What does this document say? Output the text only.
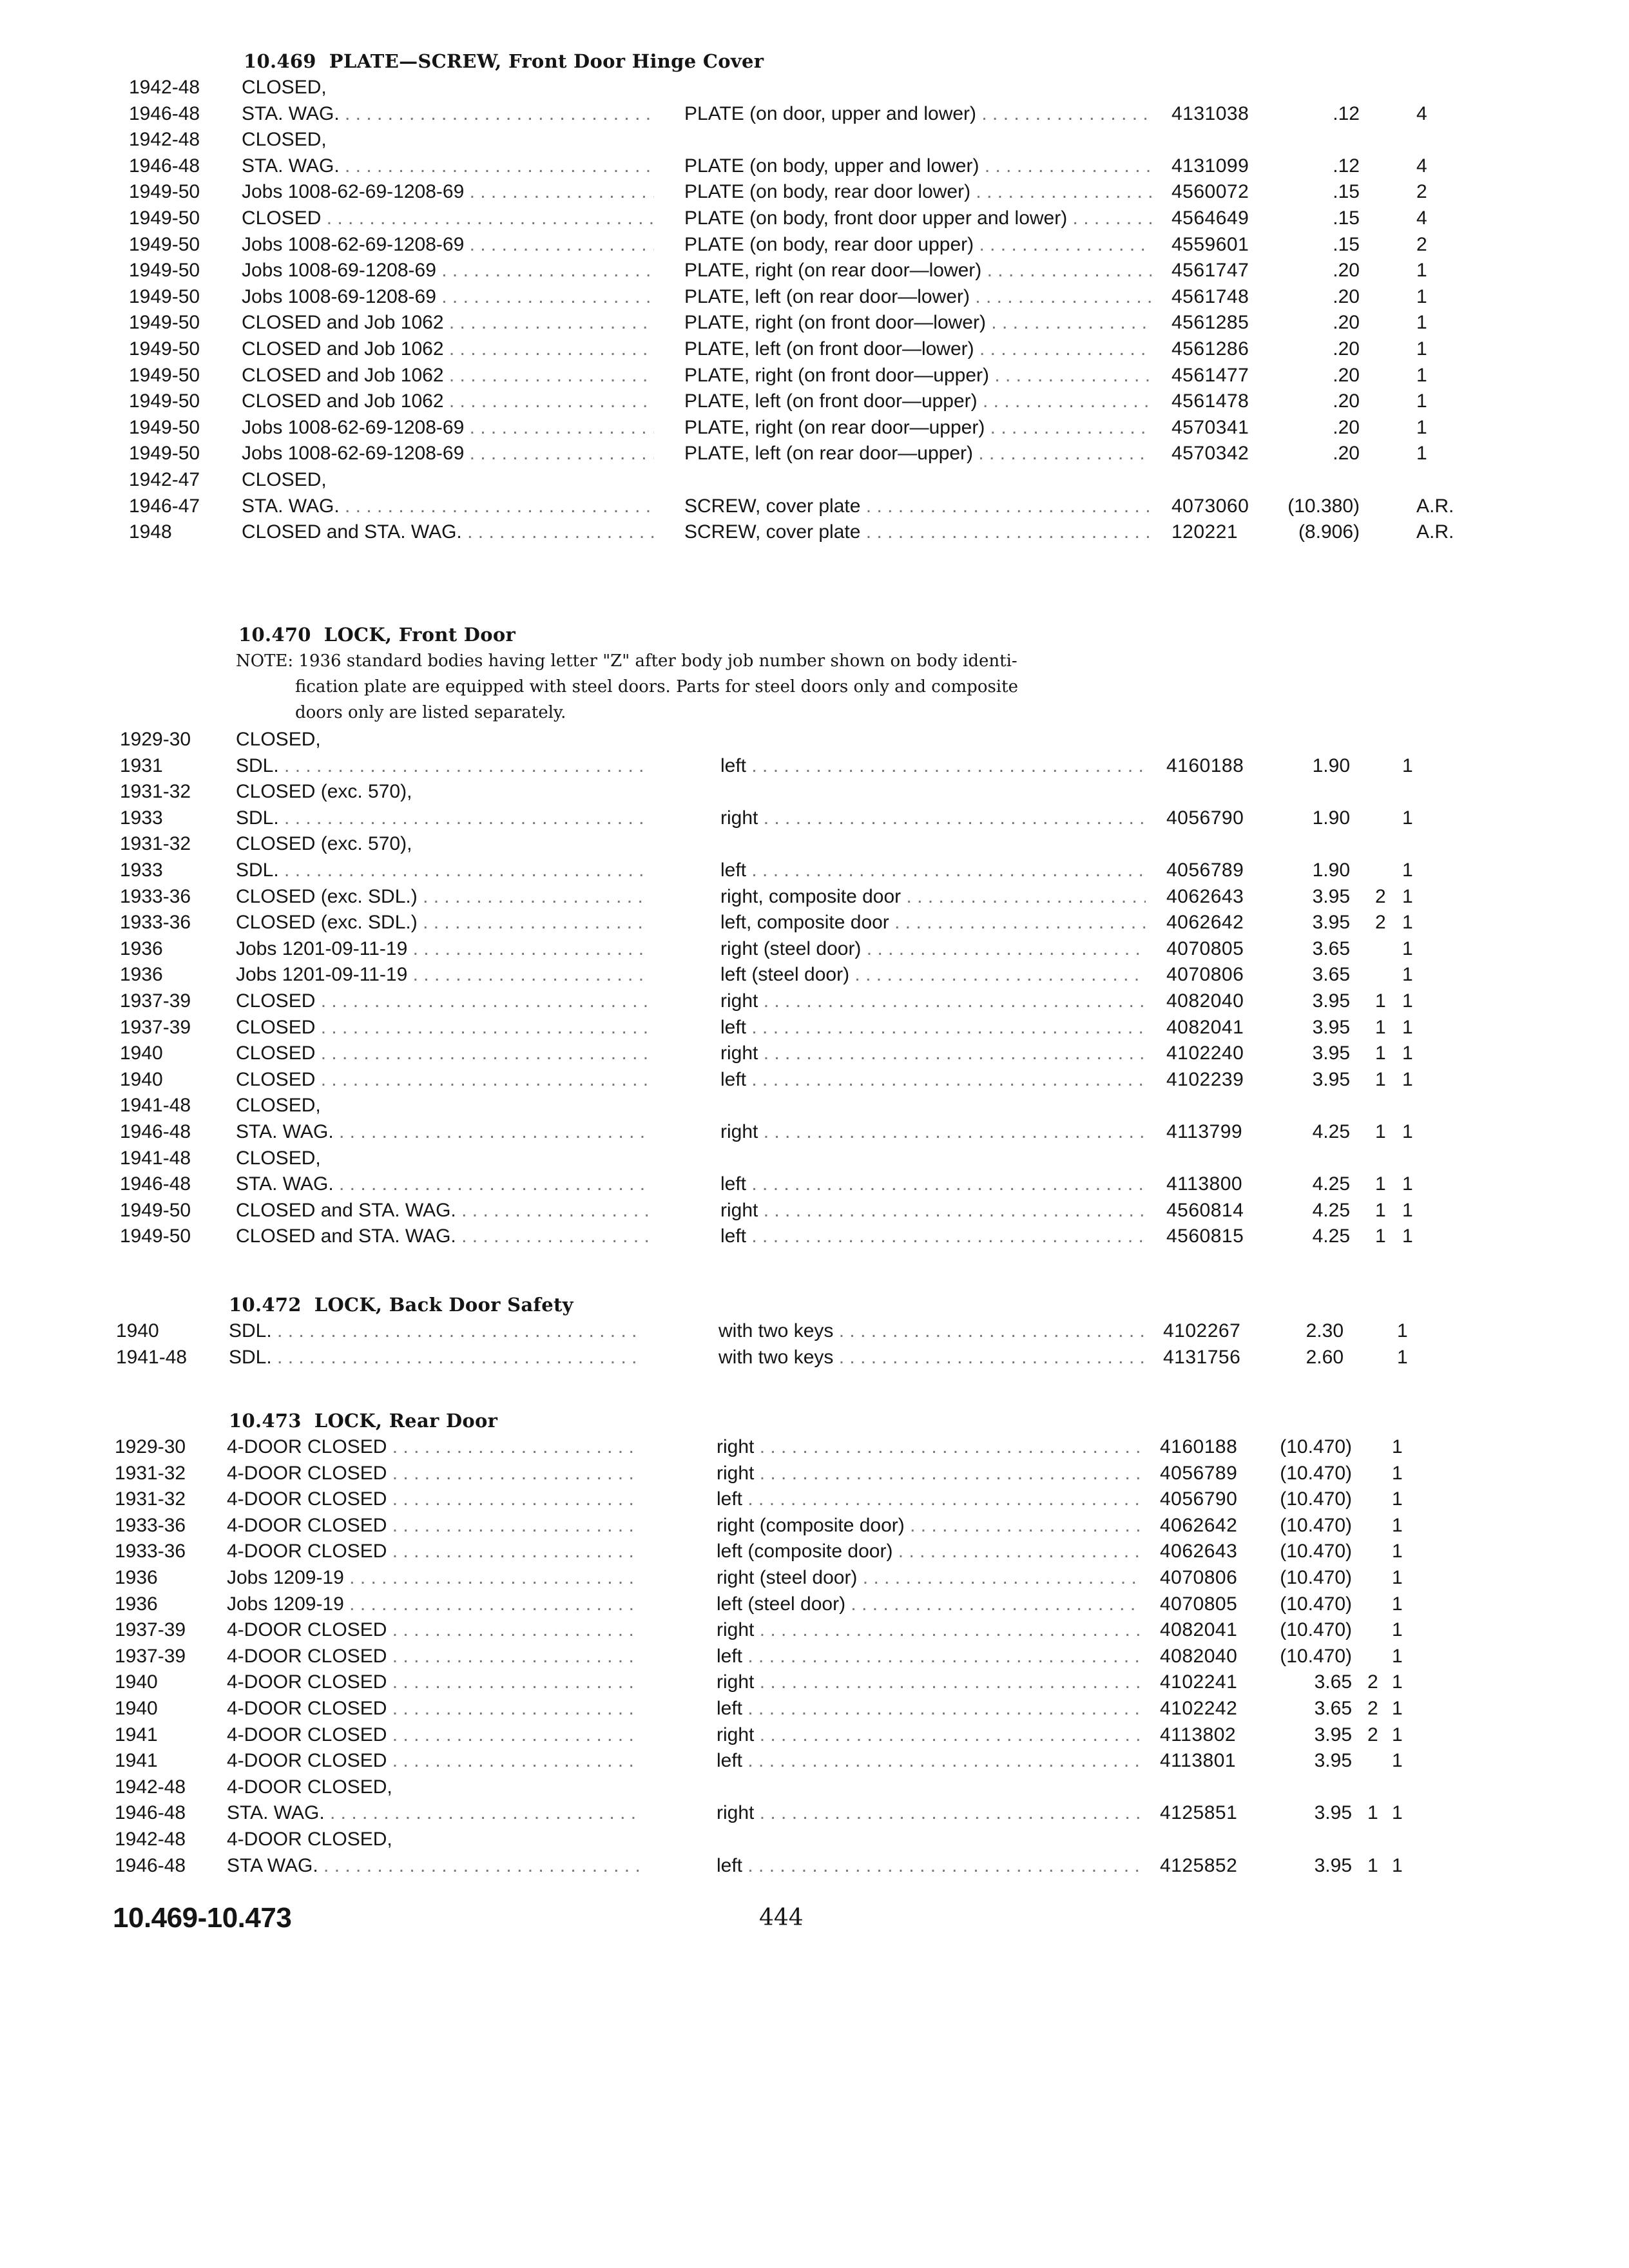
10.469 PLATE—SCREW, Front Door Hinge Cover
1942-48 CLOSED,
1946-48 STA. WAG. . . .	PLATE (on door, upper and lower) . . .	4131038	.12	4
1942-48 CLOSED,
1946-48 STA. WAG. . . .	PLATE (on body, upper and lower) . . .	4131099	.12	4
1949-50 Jobs 1008-62-69-1208-69 . . .	PLATE (on body, rear door lower) . . .	4560072	.15	2
1949-50 CLOSED . . .	PLATE (on body, front door upper and lower) . . .	4564649	.15	4
1949-50 Jobs 1008-62-69-1208-69 . . .	PLATE (on body, rear door upper) . . .	4559601	.15	2
1949-50 Jobs 1008-69-1208-69 . . .	PLATE, right (on rear door—lower) . . .	4561747	.20	1
1949-50 Jobs 1008-69-1208-69 . . .	PLATE, left (on rear door—lower) . . .	4561748	.20	1
1949-50 CLOSED and Job 1062 . . .	PLATE, right (on front door—lower) . . .	4561285	.20	1
1949-50 CLOSED and Job 1062 . . .	PLATE, left (on front door—lower) . . .	4561286	.20	1
1949-50 CLOSED and Job 1062 . . .	PLATE, right (on front door—upper) . . .	4561477	.20	1
1949-50 CLOSED and Job 1062 . . .	PLATE, left (on front door—upper) . . .	4561478	.20	1
1949-50 Jobs 1008-62-69-1208-69 . . .	PLATE, right (on rear door—upper) . . .	4570341	.20	1
1949-50 Jobs 1008-62-69-1208-69 . . .	PLATE, left (on rear door—upper) . . .	4570342	.20	1
1942-47 CLOSED,
1946-47 STA. WAG. . . .	SCREW, cover plate . . .	4073060	(10.380)	A.R.
1948	CLOSED and STA. WAG. . . .	SCREW, cover plate . . .	120221	(8.906)	A.R.
10.470 LOCK, Front Door
NOTE: 1936 standard bodies having letter "Z" after body job number shown on body identi-
fication plate are equipped with steel doors. Parts for steel doors only and composite
doors only are listed separately.
1929-30 CLOSED,
1931	SDL. . . .	left . . .	4160188	1.90	1
1931-32 CLOSED (exc. 570),
1933	SDL. . . .	right . . .	4056790	1.90	1
1931-32 CLOSED (exc. 570),
1933	SDL. . . .	left . . .	4056789	1.90	1
1933-36 CLOSED (exc. SDL.) . . .	right, composite door . . .	4062643	3.95 2 1
1933-36 CLOSED (exc. SDL.) . . .	left, composite door . . .	4062642	3.95 2 1
1936	Jobs 1201-09-11-19 . . .	right (steel door) . . .	4070805	3.65	1
1936	Jobs 1201-09-11-19 . . .	left (steel door) . . .	4070806	3.65	1
1937-39 CLOSED . . .	right . . .	4082040	3.95 1 1
1937-39 CLOSED . . .	left . . .	4082041	3.95 1 1
1940	CLOSED . . .	right . . .	4102240	3.95 1 1
1940	CLOSED . . .	left . . .	4102239	3.95 1 1
1941-48 CLOSED,
1946-48 STA. WAG. . . .	right . . .	4113799	4.25 1 1
1941-48 CLOSED,
1946-48 STA. WAG. . . .	left . . .	4113800	4.25 1 1
1949-50 CLOSED and STA. WAG. . . .	right . . .	4560814	4.25 1 1
1949-50 CLOSED and STA. WAG. . . .	left . . .	4560815	4.25 1 1
10.472 LOCK, Back Door Safety
1940	SDL. . . .	with two keys . . .	4102267	2.30	1
1941-48 SDL. . . .	with two keys . . .	4131756	2.60	1
10.473 LOCK, Rear Door
1929-30 4-DOOR CLOSED . . .	right . . .	4160188	(10.470) 1
1931-32 4-DOOR CLOSED . . .	right . . .	4056789	(10.470) 1
1931-32 4-DOOR CLOSED . . .	left . . .	4056790	(10.470) 1
1933-36 4-DOOR CLOSED . . .	right (composite door) . . .	4062642	(10.470) 1
1933-36 4-DOOR CLOSED . . .	left (composite door) . . .	4062643	(10.470) 1
1936	Jobs 1209-19 . . .	right (steel door) . . .	4070806	(10.470) 1
1936	Jobs 1209-19 . . .	left (steel door) . . .	4070805	(10.470) 1
1937-39 4-DOOR CLOSED . . .	right . . .	4082041	(10.470) 1
1937-39 4-DOOR CLOSED . . .	left . . .	4082040	(10.470) 1
1940	4-DOOR CLOSED . . .	right . . .	4102241	3.65 2 1
1940	4-DOOR CLOSED . . .	left . . .	4102242	3.65 2 1
1941	4-DOOR CLOSED . . .	right . . .	4113802	3.95 2 1
1941	4-DOOR CLOSED . . .	left . . .	4113801	3.95 1
1942-48 4-DOOR CLOSED,
1946-48 STA. WAG. . . .	right . . .	4125851	3.95 1 1
1942-48 4-DOOR CLOSED,
1946-48 STA WAG. . . .	left . . .	4125852	3.95 1 1
10.469-10.473	444
